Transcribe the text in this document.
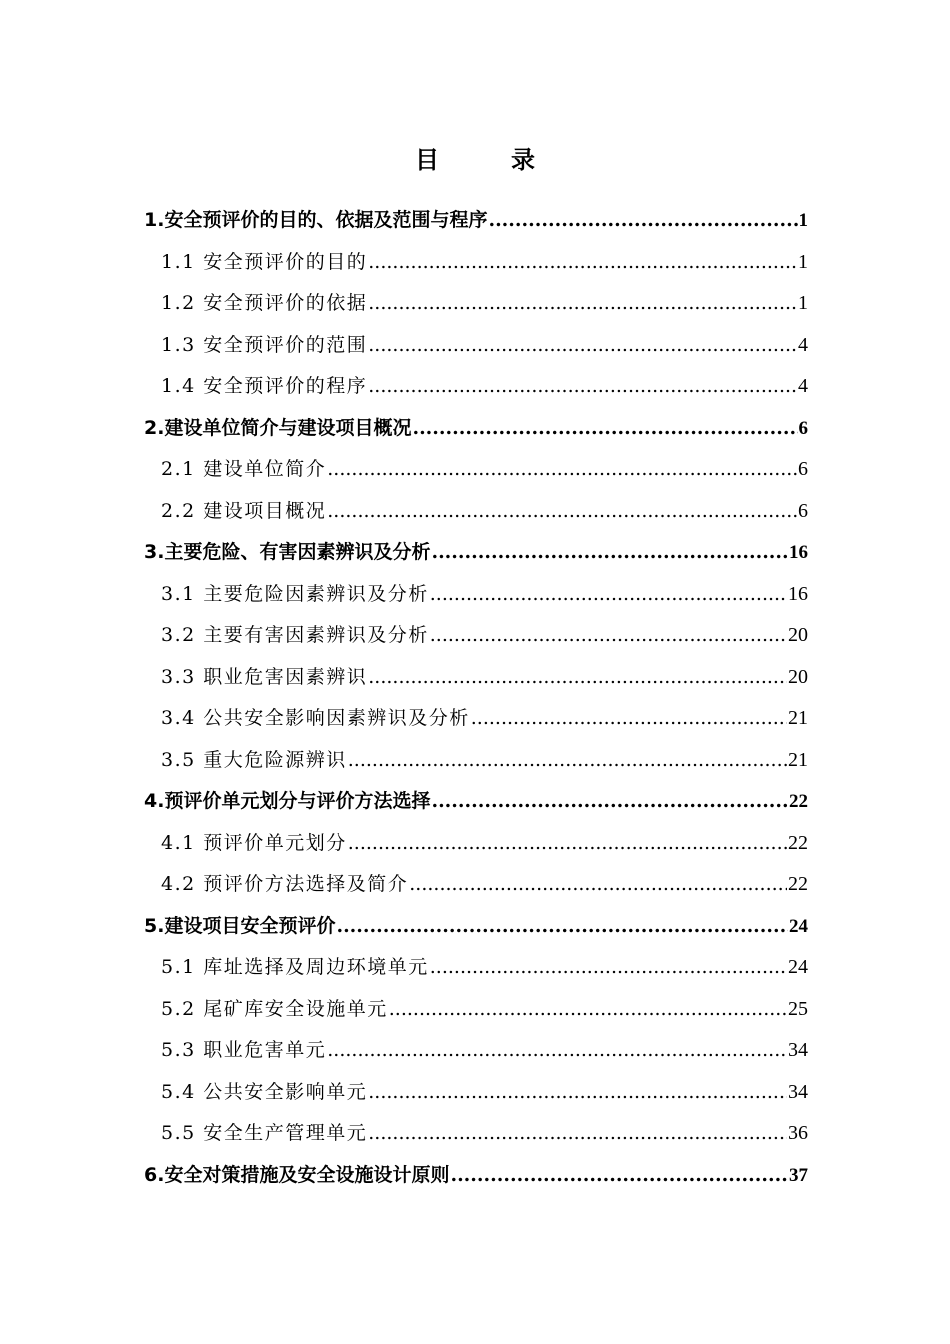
目　录
1.安全预评价的目的、依据及范围与程序 .....	1
1.1 安全预评价的目的 .....	1
1.2 安全预评价的依据 .....	1
1.3 安全预评价的范围 .....	4
1.4 安全预评价的程序 .....	4
2.建设单位简介与建设项目概况 .....	6
2.1 建设单位简介 .....	6
2.2 建设项目概况 .....	6
3.主要危险、有害因素辨识及分析 .....	16
3.1 主要危险因素辨识及分析 .....	16
3.2 主要有害因素辨识及分析 .....	20
3.3 职业危害因素辨识 .....	20
3.4 公共安全影响因素辨识及分析 .....	21
3.5 重大危险源辨识 .....	21
4.预评价单元划分与评价方法选择 .....	22
4.1 预评价单元划分 .....	22
4.2 预评价方法选择及简介 .....	22
5.建设项目安全预评价 .....	24
5.1 库址选择及周边环境单元 .....	24
5.2 尾矿库安全设施单元 .....	25
5.3 职业危害单元 .....	34
5.4 公共安全影响单元 .....	34
5.5 安全生产管理单元 .....	36
6.安全对策措施及安全设施设计原则 .....	37
